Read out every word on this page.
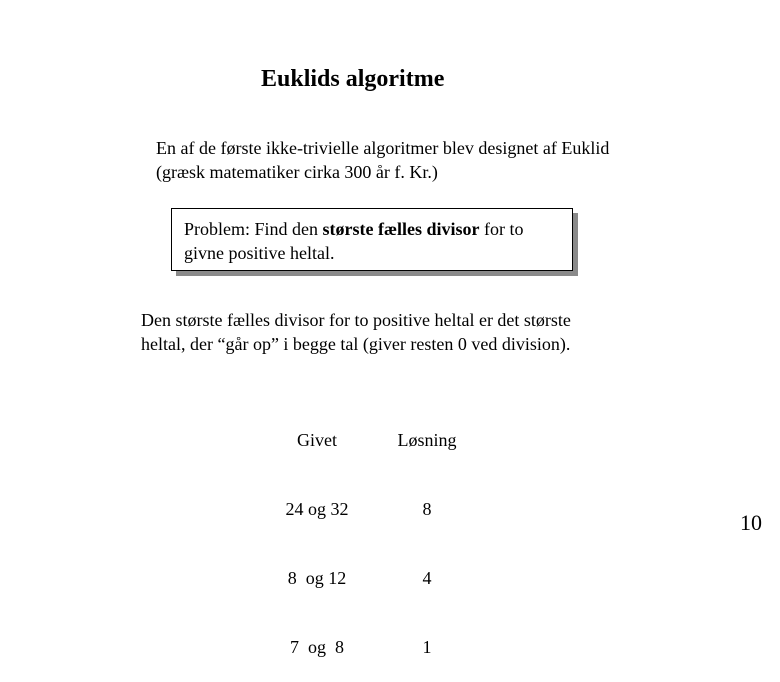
Euklids algoritme
En af de første ikke-trivielle algoritmer blev designet af Euklid
(græsk matematiker cirka 300 år f. Kr.)
Problem: Find den største fælles divisor for to
givne positive heltal.
Den største fælles divisor for to positive heltal er det største
heltal, der “går op” i begge tal (giver resten 0 ved division).

Givet

24 og 32

8  og 12

7  og  8

Løsning

8

4

1

10
